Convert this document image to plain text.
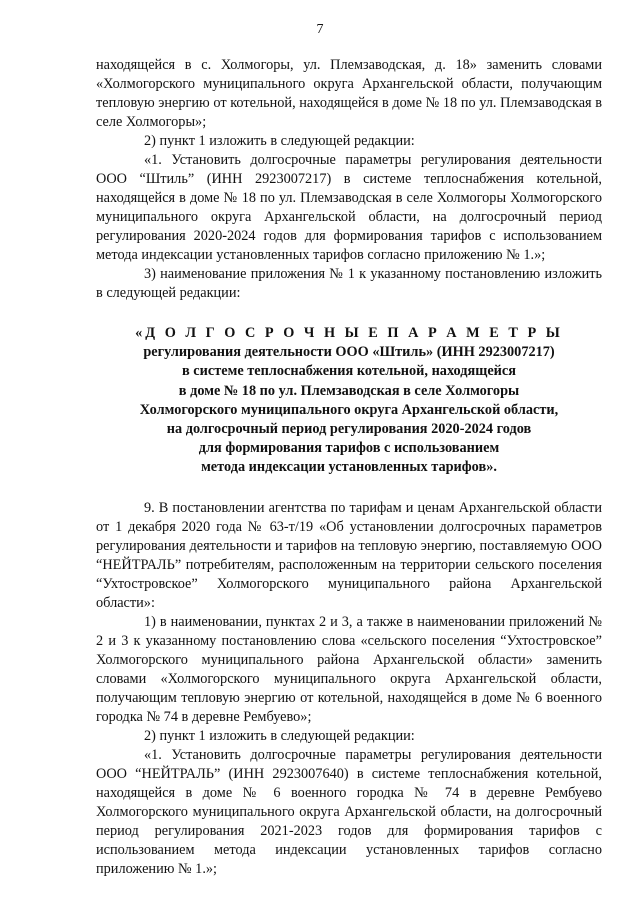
7

находящейся в с. Холмогоры, ул. Племзаводская, д. 18» заменить словами «Холмогорского муниципального округа Архангельской области, получающим тепловую энергию от котельной, находящейся в доме № 18 по ул. Племзаводская в селе Холмогоры»;

2) пункт 1 изложить в следующей редакции:

«1. Установить долгосрочные параметры регулирования деятельности ООО “Штиль” (ИНН 2923007217) в системе теплоснабжения котельной, находящейся в доме № 18 по ул. Племзаводская в селе Холмогоры Холмогорского муниципального округа Архангельской области, на долгосрочный период регулирования 2020-2024 годов для формирования тарифов с использованием метода индексации установленных тарифов согласно приложению № 1.»;

3) наименование приложения № 1 к указанному постановлению изложить в следующей редакции:

«Д О Л Г О С Р О Ч Н Ы Е П А Р А М Е Т Р Ы
регулирования деятельности ООО «Штиль» (ИНН 2923007217)
в системе теплоснабжения котельной, находящейся
в доме № 18 по ул. Племзаводская в селе Холмогоры
Холмогорского муниципального округа Архангельской области,
на долгосрочный период регулирования 2020-2024 годов
для формирования тарифов с использованием
метода индексации установленных тарифов».

9. В постановлении агентства по тарифам и ценам Архангельской области от 1 декабря 2020 года № 63-т/19 «Об установлении долгосрочных параметров регулирования деятельности и тарифов на тепловую энергию, поставляемую ООО “НЕЙТРАЛЬ” потребителям, расположенным на территории сельского поселения “Ухтостровское” Холмогорского муниципального района Архангельской области»:

1) в наименовании, пунктах 2 и 3, а также в наименовании приложений № 2 и 3 к указанному постановлению слова «сельского поселения “Ухтостровское” Холмогорского муниципального района Архангельской области» заменить словами «Холмогорского муниципального округа Архангельской области, получающим тепловую энергию от котельной, находящейся в доме № 6 военного городка № 74 в деревне Рембуево»;

2) пункт 1 изложить в следующей редакции:

«1. Установить долгосрочные параметры регулирования деятельности ООО “НЕЙТРАЛЬ” (ИНН 2923007640) в системе теплоснабжения котельной, находящейся в доме № 6 военного городка № 74 в деревне Рембуево Холмогорского муниципального округа Архангельской области, на долгосрочный период регулирования 2021-2023 годов для формирования тарифов с использованием метода индексации установленных тарифов согласно приложению № 1.»;
